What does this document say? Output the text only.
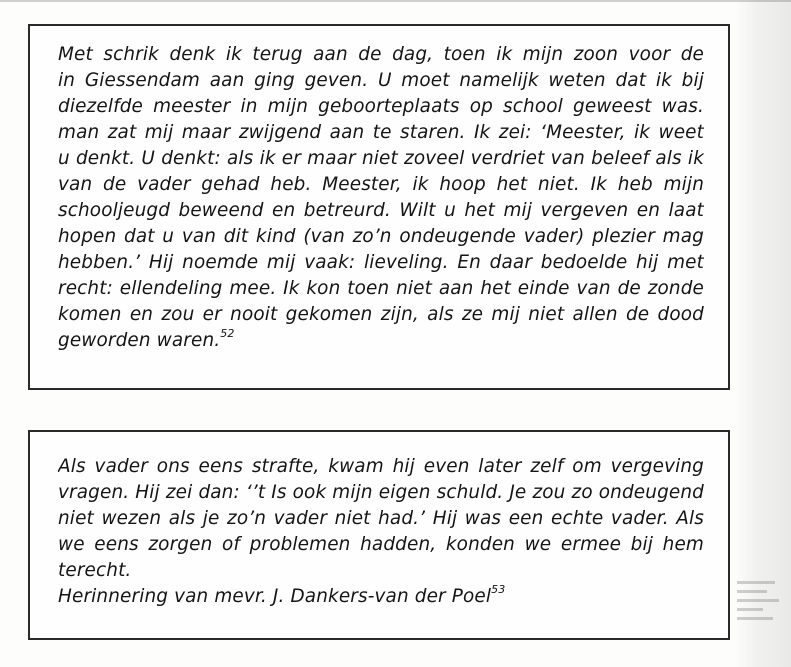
Met schrik denk ik terug aan de dag, toen ik mijn zoon voor de
in Giessendam aan ging geven. U moet namelijk weten dat ik bij
diezelfde meester in mijn geboorteplaats op school geweest was.
man zat mij maar zwijgend aan te staren. Ik zei: ‘Meester, ik weet
u denkt. U denkt: als ik er maar niet zoveel verdriet van beleef als ik
van de vader gehad heb. Meester, ik hoop het niet. Ik heb mijn
schooljeugd beweend en betreurd. Wilt u het mij vergeven en laat
hopen dat u van dit kind (van zo’n ondeugende vader) plezier mag
hebben.’ Hij noemde mij vaak: lieveling. En daar bedoelde hij met
recht: ellendeling mee. Ik kon toen niet aan het einde van de zonde
komen en zou er nooit gekomen zijn, als ze mij niet allen de dood
geworden waren.$^{52}$
Als vader ons eens strafte, kwam hij even later zelf om vergeving
vragen. Hij zei dan: ‘’t Is ook mijn eigen schuld. Je zou zo ondeugend
niet wezen als je zo’n vader niet had.’ Hij was een echte vader. Als
we eens zorgen of problemen hadden, konden we ermee bij hem
terecht.
Herinnering van mevr. J. Dankers-van der Poel$^{53}$
